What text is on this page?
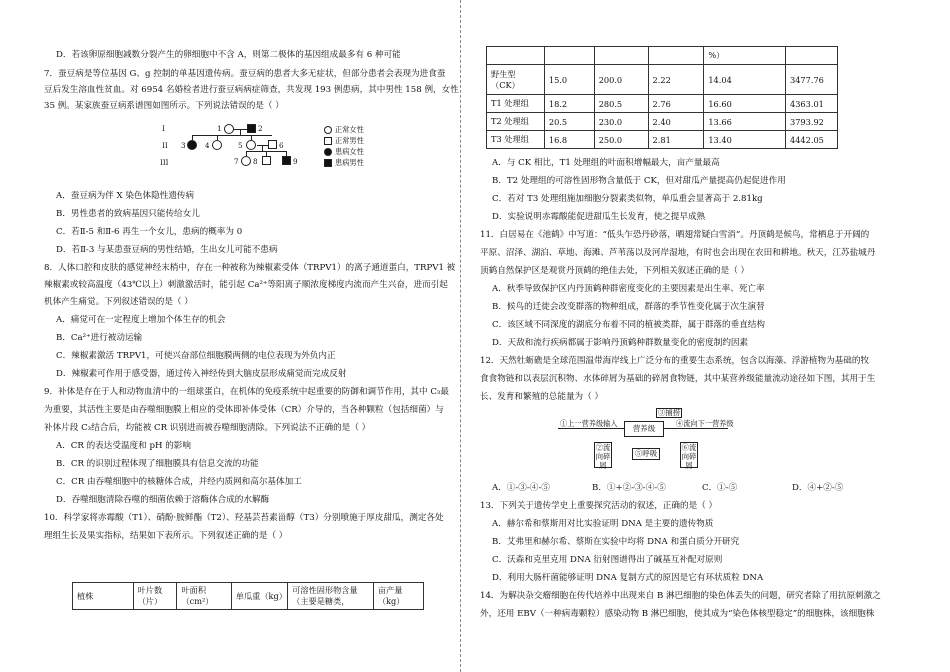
D．若该卵原细胞减数分裂产生的卵细胞中不含 A，则第二极体的基因组成最多有 6 种可能
7．蚕豆病是等位基因 G、g 控制的单基因遗传病。蚕豆病的患者大多无症状，但部分患者会表现为进食蚕
豆后发生溶血性贫血。对 6954 名婚检者进行蚕豆病病症筛查，共发现 193 例患病，其中男性 158 例，女性
35 例。某家族蚕豆病系谱图如图所示。下列说法错误的是（ ）
I
II
III
1	2
3	4	5	6
7 8	9
正常女性
正常男性
患病女性
患病男性
A．蚕豆病为伴 X 染色体隐性遗传病
B．男性患者的致病基因只能传给女儿
C．若Ⅱ-5 和Ⅱ-6 再生一个女儿，患病的概率为 0
D．若Ⅱ-3 与某患蚕豆病的男性结婚，生出女儿可能不患病
8．人体口腔和皮肤的感觉神经末梢中，存在一种被称为辣椒素受体（TRPV1）的离子通道蛋白，TRPV1 被
辣椒素或较高温度（43℃以上）刺激激活时，能引起 Ca²⁺等阳离子顺浓度梯度内流而产生兴奋，进而引起
机体产生痛觉。下列叙述错误的是（ ）
A．痛觉可在一定程度上增加个体生存的机会
B．Ca²⁺进行被动运输
C．辣椒素激活 TRPV1，可使兴奋部位细胞膜两侧的电位表现为外负内正
D．辣椒素可作用于感受器，通过传入神经传到大脑皮层形成痛觉而完成反射
9．补体是存在于人和动物血清中的一组球蛋白，在机体的免疫系统中起重要的防御和调节作用，其中 C₃最
为重要，其活性主要是由吞噬细胞膜上相应的受体即补体受体（CR）介导的，当各种颗粒（包括细菌）与
补体片段 C₃结合后，均能被 CR 识别进而被吞噬细胞清除。下列说法不正确的是（ ）
A．CR 的表达受温度和 pH 的影响
B．CR 的识别过程体现了细胞膜具有信息交流的功能
C．CR 由吞噬细胞中的核糖体合成，并经内质网和高尔基体加工
D．吞噬细胞清除吞噬的细菌依赖于溶酶体合成的水解酶
10．科学家将赤霉酸（T1）、硝酚·胺鲜酯（T2）、羟基芸苔素甾醇（T3）分别喷施于厚皮甜瓜，测定各处
理组生长及果实指标，结果如下表所示。下列叙述正确的是（ ）
植株	叶片数（片）	叶面积（cm²）	单瓜重（kg）	可溶性固形物含量（主要是糖类，	亩产量（kg）
				%）	
野生型（CK）	15.0	200.0	2.22	14.04	3477.76
T1 处理组	18.2	280.5	2.76	16.60	4363.01
T2 处理组	20.5	230.0	2.40	13.66	3793.92
T3 处理组	16.8	250.0	2.81	13.40	4442.05
A．与 CK 相比，T1 处理组的叶面积增幅最大，亩产量最高
B．T2 处理组的可溶性固形物含量低于 CK，但对甜瓜产量提高仍起促进作用
C．若对 T3 处理组施加细胞分裂素类似物，单瓜重会显著高于 2.81kg
D．实验说明赤霉酸能促进甜瓜生长发育，使之提早成熟
11．白居易在《池鹤》中写道：“低头乍恐丹砂落，晒翅常疑白雪消”。丹顶鹤是候鸟，常栖息于开阔的
平原、沼泽、湖泊、草地、海滩、芦苇荡以及河岸湿地，有时也会出现在农田和耕地。秋天，江苏盐城丹
顶鹤自然保护区是观赏丹顶鹤的绝佳去处，下列相关叙述正确的是（ ）
A．秋季导致保护区内丹顶鹤种群密度变化的主要因素是出生率、死亡率
B．候鸟的迁徙会改变群落的物种组成，群落的季节性变化属于次生演替
C．该区域不同深度的湖底分布着不同的植被类群，属于群落的垂直结构
D．天敌和流行疾病都属于影响丹顶鹤种群数量变化的密度制约因素
12．天然牡蛎礁是全球范围温带海岸线上广泛分布的重要生态系统，包含以海藻、浮游植物为基础的牧
食食物链和以表层沉积物、水体碎屑为基础的碎屑食物链，其中某营养级能量流动途径如下图，其用于生
长、发育和繁殖的总能量为（ ）
①上一营养级输入
营养级
④流向下一营养级
③捕捞
②流向碎屑
⑤呼吸
⑥流向碎屑
A．①-③-④-⑤	B．①+②-③-④-⑤	C．①-⑤	D．④+②-⑤
13．下列关于遗传学史上重要探究活动的叙述，正确的是（ ）
A．赫尔希和蔡斯用对比实验证明 DNA 是主要的遗传物质
B．艾弗里和赫尔希、蔡斯在实验中均将 DNA 和蛋白质分开研究
C．沃森和克里克用 DNA 衍射图谱得出了碱基互补配对原则
D．利用大肠杆菌能够证明 DNA 复制方式的原因是它有环状质粒 DNA
14．为解决杂交瘤细胞在传代培养中出现来自 B 淋巴细胞的染色体丢失的问题，研究者除了用抗原刺激之
外，还用 EBV（一种病毒颗粒）感染动物 B 淋巴细胞，使其成为“染色体核型稳定”的细胞株，该细胞株
